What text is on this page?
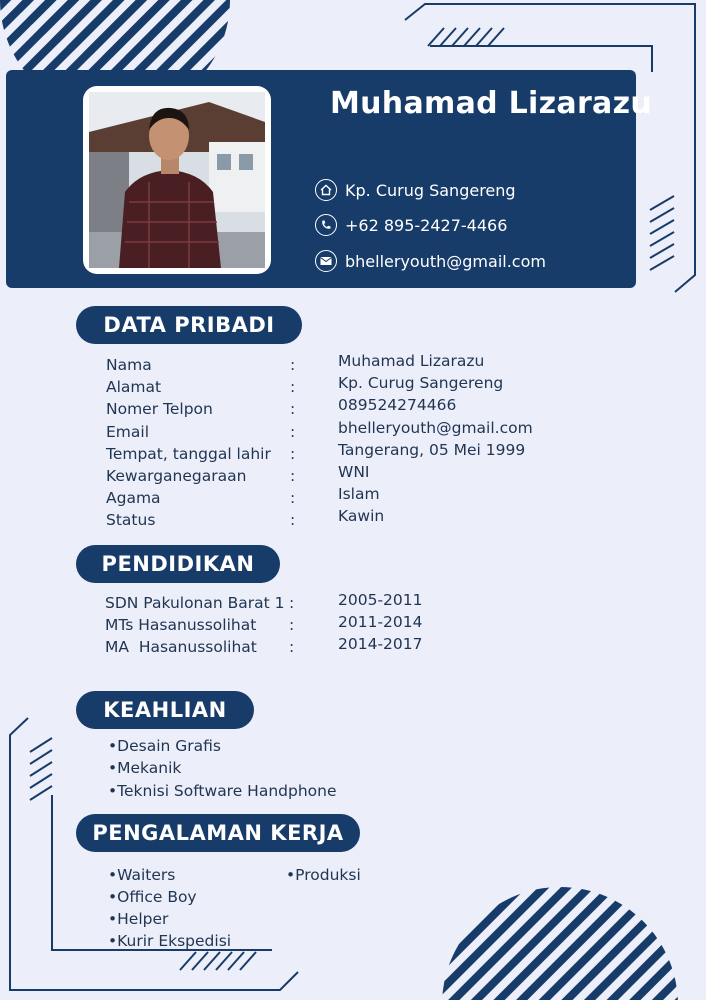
Muhamad Lizarazu
Kp. Curug Sangereng
+62 895-2427-4466
bhelleryouth@gmail.com
DATA PRIBADI
Nama	:	Muhamad Lizarazu
Alamat	:	Kp. Curug Sangereng
Nomer Telpon	:	089524274466
Email	:	bhelleryouth@gmail.com
Tempat, tanggal lahir :	Tangerang, 05 Mei 1999
Kewarganegaraan	:	WNI
Agama	:	Islam
Status	:	Kawin
PENDIDIKAN
SDN Pakulonan Barat 1 :	2005-2011
MTs Hasanussolihat :	2011-2014
MA  Hasanussolihat :	2014-2017
KEAHLIAN
•Desain Grafis
•Mekanik
•Teknisi Software Handphone
PENGALAMAN KERJA
•Waiters
•Office Boy
•Helper
•Kurir Ekspedisi
•Produksi
